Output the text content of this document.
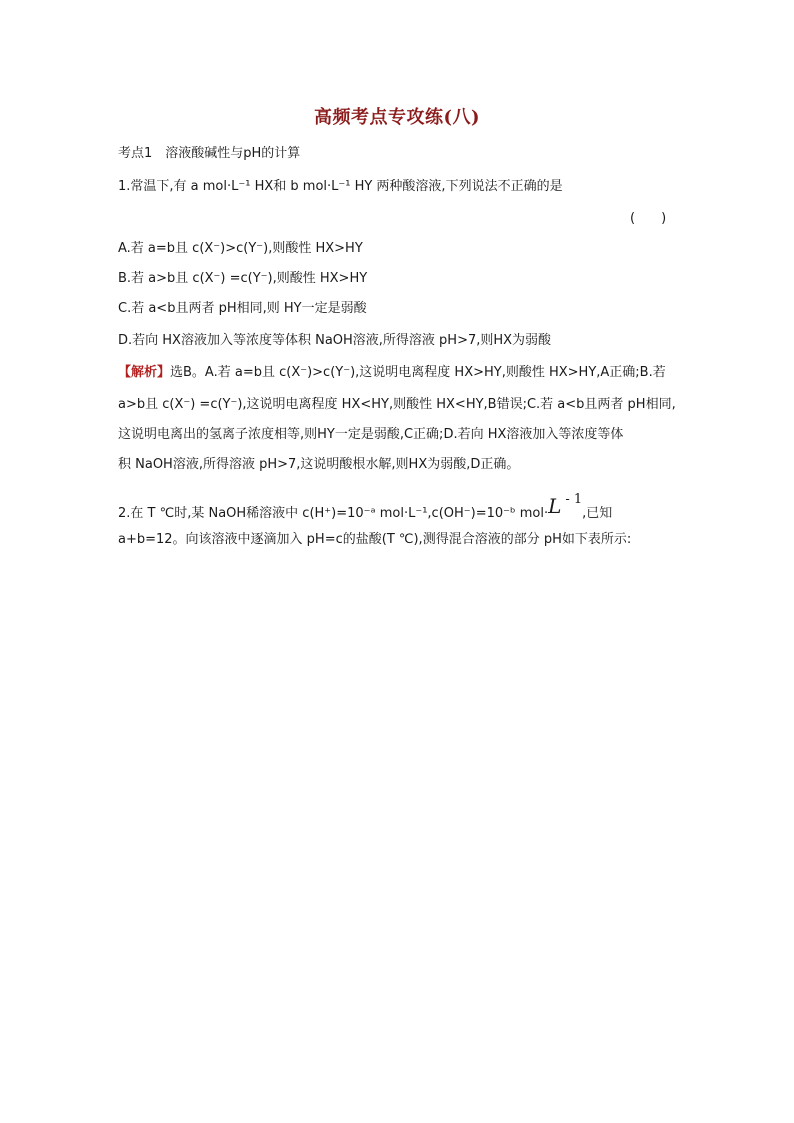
高频考点专攻练(八)
考点1　溶液酸碱性与pH的计算
1.常温下,有 a mol·L⁻¹ HX和 b mol·L⁻¹ HY 两种酸溶液,下列说法不正确的是
(　　)
A.若 a=b且 c(X⁻)>c(Y⁻),则酸性 HX>HY
B.若 a>b且 c(X⁻) =c(Y⁻),则酸性 HX>HY
C.若 a<b且两者 pH相同,则 HY一定是弱酸
D.若向 HX溶液加入等浓度等体积 NaOH溶液,所得溶液 pH>7,则HX为弱酸
【解析】选B。A.若 a=b且 c(X⁻)>c(Y⁻),这说明电离程度 HX>HY,则酸性 HX>HY,A正确;B.若
a>b且 c(X⁻) =c(Y⁻),这说明电离程度 HX<HY,则酸性 HX<HY,B错误;C.若 a<b且两者 pH相同,
这说明电离出的氢离子浓度相等,则HY一定是弱酸,C正确;D.若向 HX溶液加入等浓度等体
积 NaOH溶液,所得溶液 pH>7,这说明酸根水解,则HX为弱酸,D正确。
2.在 T ℃时,某 NaOH稀溶液中 c(H⁺)=10⁻ᵃ mol·L⁻¹,c(OH⁻)=10⁻ᵇ mol·L - 1,已知
a+b=12。向该溶液中逐滴加入 pH=c的盐酸(T ℃),测得混合溶液的部分 pH如下表所示:
